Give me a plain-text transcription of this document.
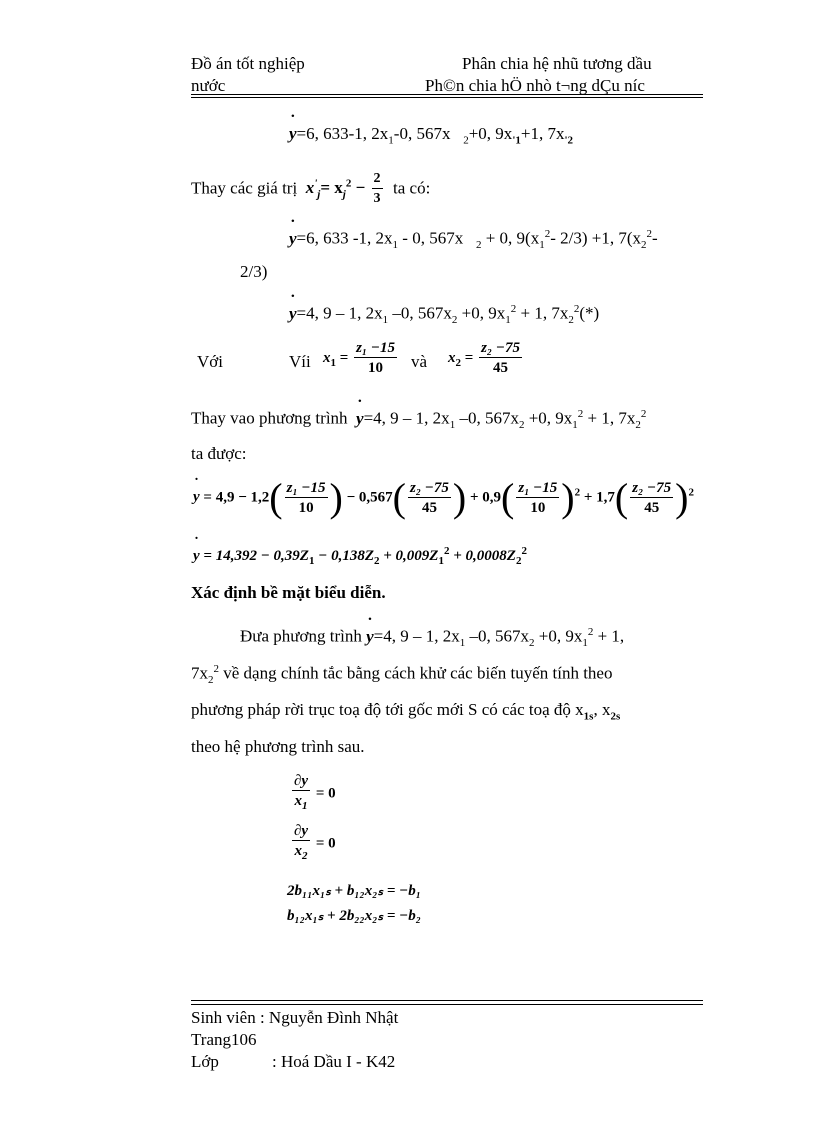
Đồ án tốt nghiệp	Phân chia hệ nhũ tương dầu
nước	Ph©n chia hÖ nhò t¬ng dÇu níc
˙ y=6, 633-1, $2x_1-0$, 567x $_2$+0, $9x_{'1}+1$, $7x_{'2}$
Thay các giá trị $x'_j= x_j^2 - \frac{2}{3}$ ta có:
˙ y=6, 633 -1, $2x_1 - 0$, 567x $_2$ + 0, $9(x_1^2-$ 2/3) +1, $7(x_2^2-$
2/3)
˙ y=4, 9 – 1, $2x_1$ –0, $567x_2 +0$, $9x_1^2 + 1$, $7x_2^2(*)$
Với	Víi $x_1 = \frac{\text{z₁ −15}}{10}$ và $x_2 = \frac{\text{z₂ −75}}{45}$
Thay vao phương trình ˙ y=4, 9 – 1, $2x_1$ –0, $567x_2 +0$, $9x_1^2 + 1$, $7x_2^2$
ta được:
˙ $y = 4,9 - 1,2( \frac{\text{z₁ −15}}{10}$ ) − $0,567( \frac{\text{z₂ −75}}{45}$ ) + $0,9( \frac{\text{z₁ −15}}{10} )^2 + 1,7( \frac{\text{z₂ −75}}{45} )^2$
˙ $y = 14,392 - 0,39Z_1 - 0,138Z_2 + 0,009Z_1^2 + 0,0008Z_2^2$
Xác định bề mặt biểu diễn.
Đưa phương trình ˙ y=4, 9 – 1, $2x_1$ –0, $567x_2 +0$, $9x_1^2 + 1$,
$7x_2^2$ về dạng chính tắc bằng cách khử các biến tuyến tính theo
phương pháp rời trục toạ độ tới gốc mới S có các toạ độ $x_{1s}$, $x_{2s}$
theo hệ phương trình sau.
$\frac{\partial y}{x_1} = 0$
$\frac{\partial y}{x_2} = 0$
2b₁₁x₁ₛ + b₁₂x₂ₛ = −b₁
b₁₂x₁ₛ + 2b₂₂x₂ₛ = −b₂
Sinh viên : Nguyễn Đình Nhật
Trang106
Lớp	: Hoá Dầu I - K42
